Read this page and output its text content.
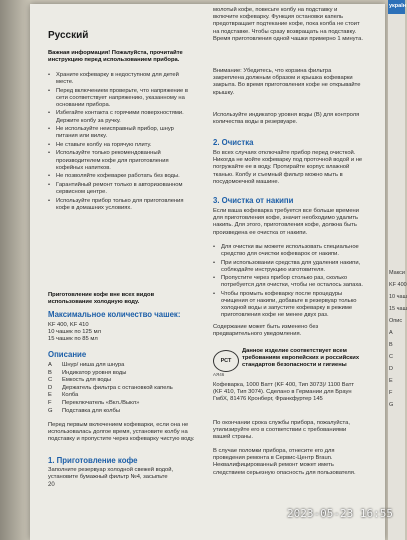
молотый кофе, повесьте колбу на подставку и включите кофеварку. Функция остановки капель предотвращает подтекание кофе, пока колба не стоит на подставке. Чтобы сразу возвращать на подставку. Время приготовления одной чашки примерно 1 минута.

Русский

Важная информация! Пожалуйста, прочитайте инструкцию перед использованием прибора.

• Храните кофеварку в недоступном для детей месте.
• Перед включением проверьте, что напряжение в сети соответствует напряжению, указанному на основании прибора.
• Избегайте контакта с горячими поверхностями. Держите колбу за ручку.
• Не используйте неисправный прибор, шнур питания или вилку.
• Не ставьте колбу на горячую плиту.
• Используйте только рекомендованный производителем кофе для приготовления кофейных напитков.
• Не позволяйте кофеварке работать без воды.
• Гарантийный ремонт только в авторизованном сервисном центре.
• Используйте прибор только для приготовления кофе в домашних условиях.

Приготовление кофе вне всех видов использование холодную воду.

Максимальное количество чашек:
KF 400, KF 410
10 чашек по 125 мл
15 чашек по 85 мл
Описание
A Шнур/ ниша для шнура
B Индикатор уровня воды
C Емкость для воды
D Держатель фильтра с остановкой капель
E Колба
F Переключатель «Вкл./Выкл»
G Подставка для колбы

Перед первым включением кофеварки, если она не использовалась долгое время, установите колбу на подставку и пропустите через кофеварку чистую воду.

1. Приготовление кофе

Заполните резервуар холодной свежей водой, установите бумажный фильтр №4, засыпьте

20

Внимание: Убедитесь, что корзина фильтра закреплена должным образом и крышка кофеварки закрыта. Во время приготовления кофе не открывайте крышку.

Используйте индикатор уровня воды (B) для контроля количества воды в резервуаре.

2. Очистка

Во всех случаях отключайте прибор перед очисткой. Никогда не мойте кофеварку под проточной водой и не погружайте ее в воду. Протирайте корпус влажной тканью. Колбу и съемный фильтр можно мыть в посудомоечной машине.

3. Очистка от накипи

Если ваша кофеварка требуется все больше времени для приготовления кофе, значит необходимо удалить накипь. Для этого, приготовления кофе, должна быть произведена ее очистка от накипи.

• Для очистки вы можете использовать специальное средство для очистки кофеварок от накипи.
• При использовании средства для удаления накипи, соблюдайте инструкцию изготовителя.
• Пропустите через прибор столько раз, сколько потребуется для очистки, чтобы не осталось запаха.
• Чтобы промыть кофеварку после процедуры очищения от накипи, добавьте в резервуар только холодной воды и запустите кофеварку в режиме приготовления кофе не менее двух раз.

Содержание может быть изменено без предварительного уведомления.

РСТ
АЯ46

Данное изделие соответствует всем требованиям европейских и российских стандартов безопасности и гигиены

Кофеварка, 1000 Ватт (KF 400, Тип 3073)/ 1100 Ватт (KF 410, Тип 3074). Сделано в Германии для Браун ГмбХ, 81476 Кронберг, Франкфуртер 145

По окончании срока службы прибора, пожалуйста, утилизируйте его в соответствии с требованиями вашей страны.

В случае поломки прибора, отнесите его для проведения ремонта в Сервис-Центр Braun. Неквалифицированный ремонт может иметь следствием серьезную опасность для пользователя.

україн
Макси
KF 400
10 чаш
15 чаш
Опис
A
B
C
D
E
F
G
2023-05-23 16:55
